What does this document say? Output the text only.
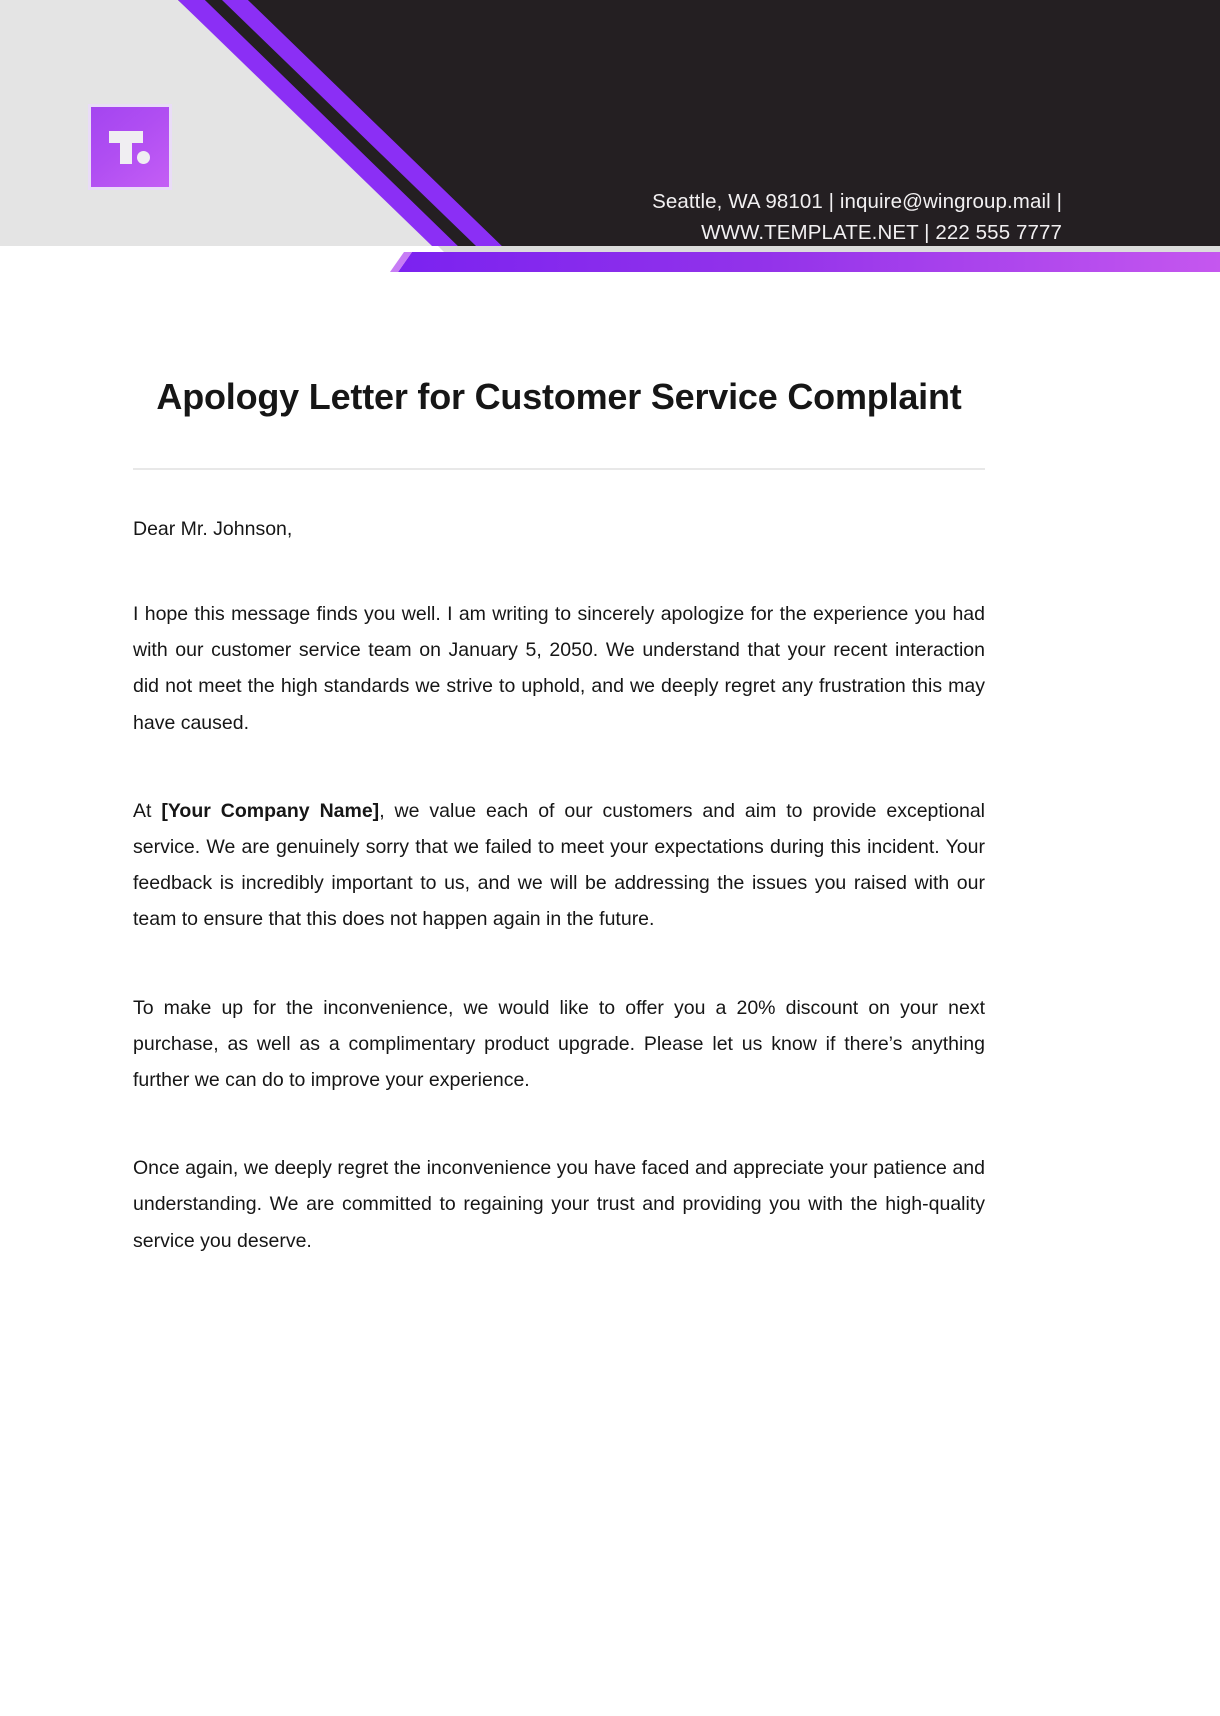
Seattle, WA 98101 | inquire@wingroup.mail | WWW.TEMPLATE.NET | 222 555 7777
Apology Letter for Customer Service Complaint

Dear Mr. Johnson,

I hope this message finds you well. I am writing to sincerely apologize for the experience you had with our customer service team on January 5, 2050. We understand that your recent interaction did not meet the high standards we strive to uphold, and we deeply regret any frustration this may have caused.

At [Your Company Name], we value each of our customers and aim to provide exceptional service. We are genuinely sorry that we failed to meet your expectations during this incident. Your feedback is incredibly important to us, and we will be addressing the issues you raised with our team to ensure that this does not happen again in the future.

To make up for the inconvenience, we would like to offer you a 20% discount on your next purchase, as well as a complimentary product upgrade. Please let us know if there’s anything further we can do to improve your experience.

Once again, we deeply regret the inconvenience you have faced and appreciate your patience and understanding. We are committed to regaining your trust and providing you with the high-quality service you deserve.
